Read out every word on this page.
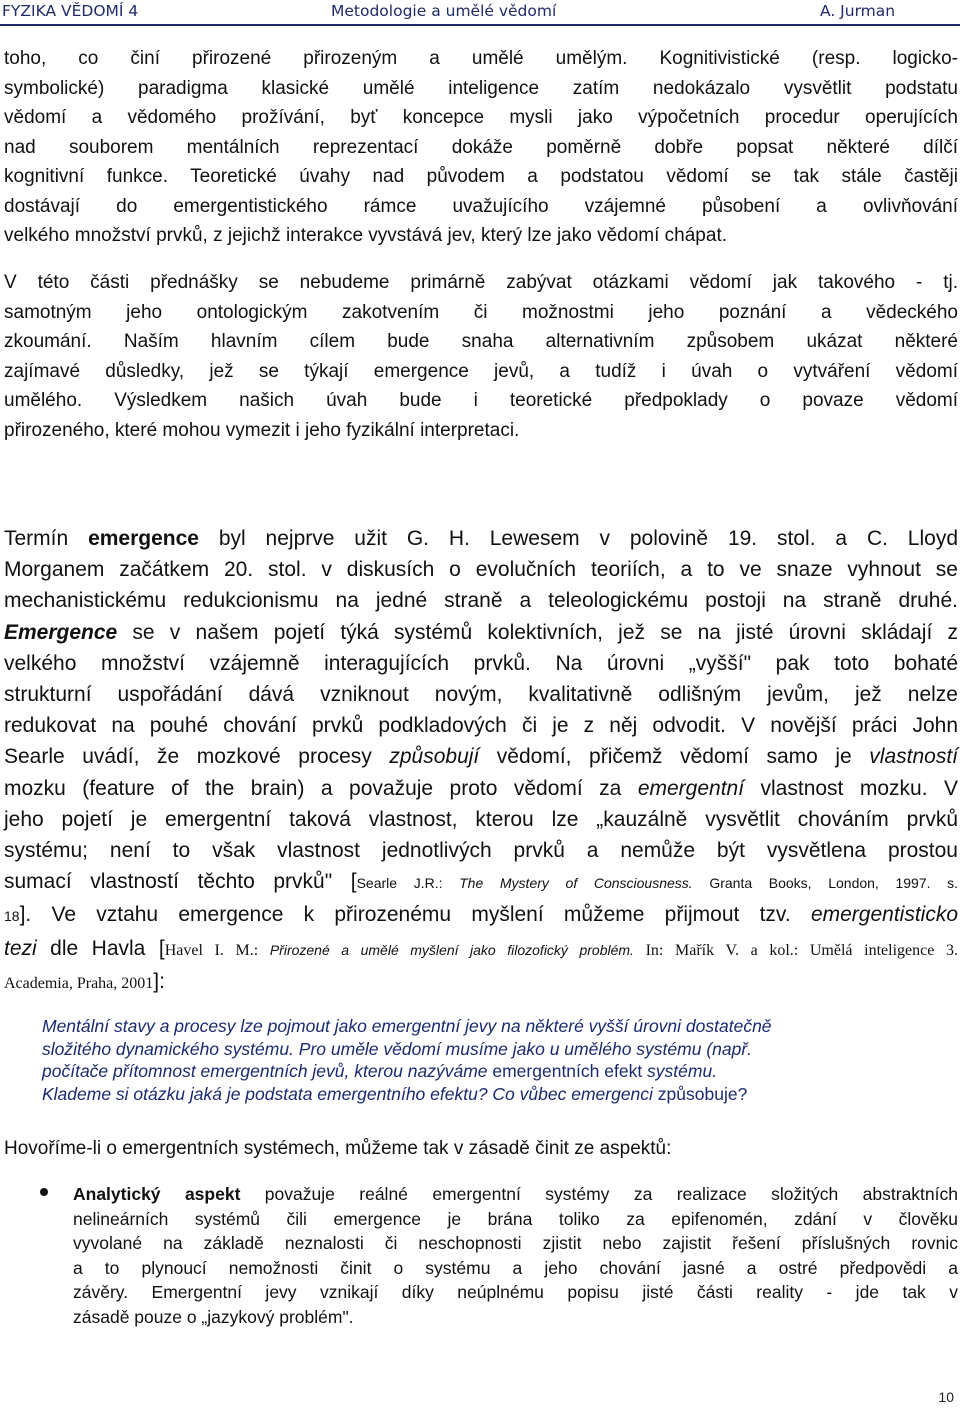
FYZIKA VĚDOMÍ 4	Metodologie a umělé vědomí	A. Jurman
toho, co činí přirozené přirozeným a umělé umělým. Kognitivistické (resp. logicko-
symbolické) paradigma klasické umělé inteligence zatím nedokázalo vysvětlit podstatu
vědomí a vědomého prožívání, byť koncepce mysli jako výpočetních procedur operujících
nad souborem mentálních reprezentací dokáže poměrně dobře popsat některé dílčí
kognitivní funkce. Teoretické úvahy nad původem a podstatou vědomí se tak stále častěji
dostávají do emergentistického rámce uvažujícího vzájemné působení a ovlivňování
velkého množství prvků, z jejichž interakce vyvstává jev, který lze jako vědomí chápat.
V této části přednášky se nebudeme primárně zabývat otázkami vědomí jak takového - tj.
samotným jeho ontologickým zakotvením či možnostmi jeho poznání a vědeckého
zkoumání. Naším hlavním cílem bude snaha alternativním způsobem ukázat některé
zajímavé důsledky, jež se týkají emergence jevů, a tudíž i úvah o vytváření vědomí
umělého. Výsledkem našich úvah bude i teoretické předpoklady o povaze vědomí
přirozeného, které mohou vymezit i jeho fyzikální interpretaci.
Termín emergence byl nejprve užit G. H. Lewesem v polovině 19. stol. a C. Lloyd
Morganem začátkem 20. stol. v diskusích o evolučních teoriích, a to ve snaze vyhnout se
mechanistickému redukcionismu na jedné straně a teleologickému postoji na straně druhé.
Emergence se v našem pojetí týká systémů kolektivních, jež se na jisté úrovni skládají z
velkého množství vzájemně interagujících prvků. Na úrovni „vyšší" pak toto bohaté
strukturní uspořádání dává vzniknout novým, kvalitativně odlišným jevům, jež nelze
redukovat na pouhé chování prvků podkladových či je z něj odvodit. V novější práci John
Searle uvádí, že mozkové procesy způsobují vědomí, přičemž vědomí samo je vlastností
mozku (feature of the brain) a považuje proto vědomí za emergentní vlastnost mozku. V
jeho pojetí je emergentní taková vlastnost, kterou lze „kauzálně vysvětlit chováním prvků
systému; není to však vlastnost jednotlivých prvků a nemůže být vysvětlena prostou
sumací vlastností těchto prvků" [Searle J.R.: The Mystery of Consciousness. Granta Books, London, 1997. s.
18]. Ve vztahu emergence k přirozenému myšlení můžeme přijmout tzv. emergentisticko
tezi dle Havla [Havel I. M.: Přirozené a umělé myšlení jako filozofický problém. In: Mařík V. a kol.: Umělá inteligence 3.
Academia, Praha, 2001]:
Mentální stavy a procesy lze pojmout jako emergentní jevy na některé vyšší úrovni dostatečně
složitého dynamického systému. Pro uměle vědomí musíme jako u umělého systému (např.
počítače přítomnost emergentních jevů, kterou nazýváme emergentních efekt systému.
Klademe si otázku jaká je podstata emergentního efektu? Co vůbec emergenci způsobuje?
Hovoříme-li o emergentních systémech, můžeme tak v zásadě činit ze aspektů:
Analytický aspekt považuje reálné emergentní systémy za realizace složitých abstraktních
nelineárních systémů čili emergence je brána toliko za epifenomén, zdání v člověku
vyvolané na základě neznalosti či neschopnosti zjistit nebo zajistit řešení příslušných rovnic
a to plynoucí nemožnosti činit o systému a jeho chování jasné a ostré předpovědi a
závěry. Emergentní jevy vznikají díky neúplnému popisu jisté části reality - jde tak v
zásadě pouze o „jazykový problém".
10
